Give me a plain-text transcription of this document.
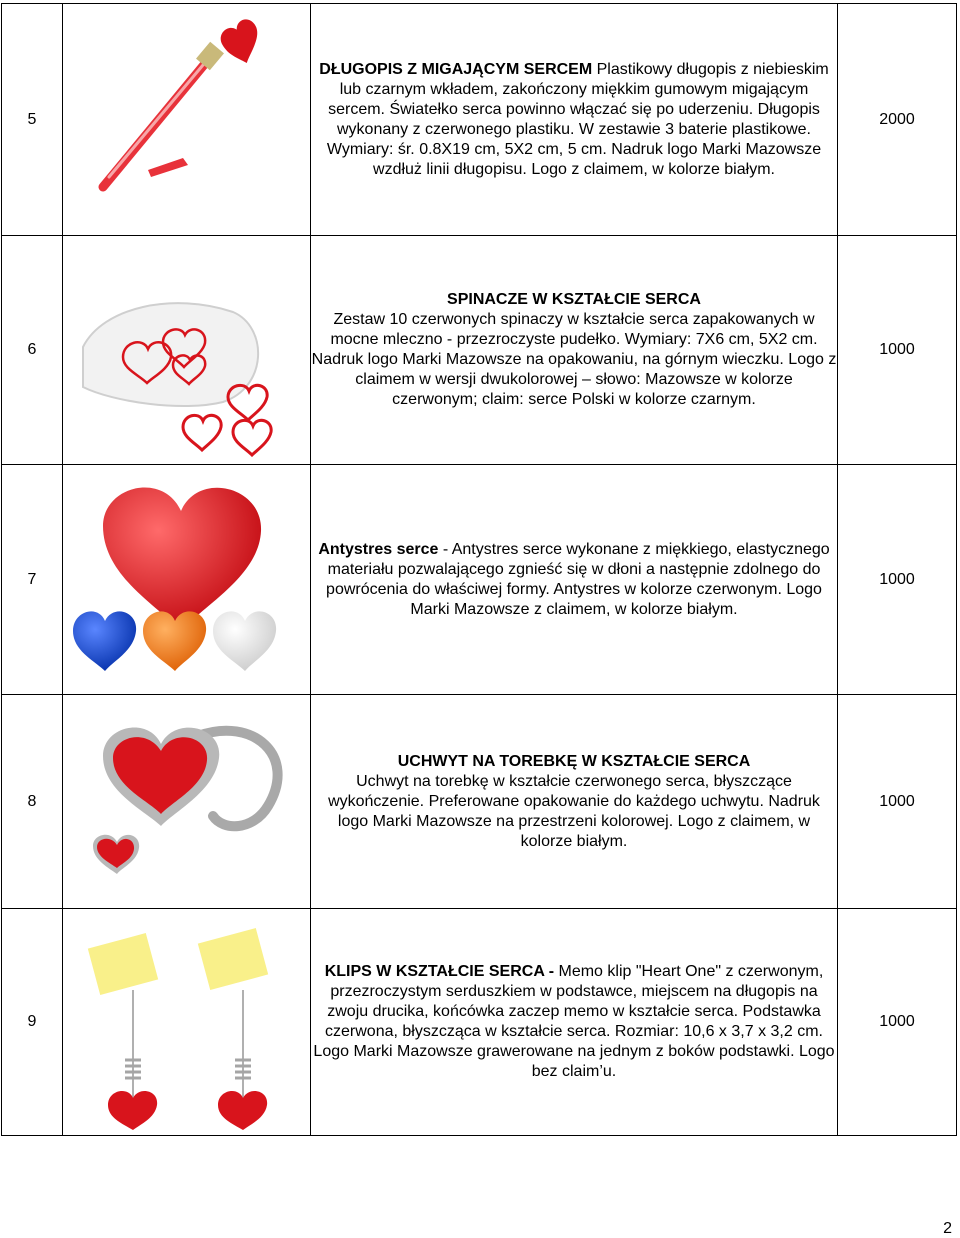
5		DŁUGOPIS Z MIGAJĄCYM SERCEM Plastikowy długopis z niebieskim lub czarnym wkładem, zakończony miękkim gumowym migającym sercem. Światełko serca powinno włączać się po uderzeniu. Długopis wykonany z czerwonego plastiku. W zestawie 3 baterie plastikowe. Wymiary: śr. 0.8X19 cm, 5X2 cm, 5 cm. Nadruk logo Marki Mazowsze wzdłuż linii długopisu. Logo z claimem, w kolorze białym.	2000
6		SPINACZE W KSZTAŁCIE SERCA
Zestaw 10 czerwonych spinaczy w kształcie serca zapakowanych w mocne mleczno - przezroczyste pudełko. Wymiary: 7X6 cm, 5X2 cm. Nadruk logo Marki Mazowsze na opakowaniu, na górnym wieczku. Logo z claimem w wersji dwukolorowej – słowo: Mazowsze w kolorze czerwonym; claim: serce Polski w kolorze czarnym.	1000
7		Antystres serce - Antystres serce wykonane z miękkiego, elastycznego materiału pozwalającego zgnieść się w dłoni a następnie zdolnego do powrócenia do właściwej formy. Antystres w kolorze czerwonym. Logo Marki Mazowsze z claimem, w kolorze białym.	1000
8		UCHWYT NA TOREBKĘ W KSZTAŁCIE SERCA
Uchwyt na torebkę w kształcie czerwonego serca, błyszczące wykończenie. Preferowane opakowanie do każdego uchwytu. Nadruk logo Marki Mazowsze na przestrzeni kolorowej. Logo z claimem, w kolorze białym.	1000
9		KLIPS W KSZTAŁCIE SERCA - Memo klip "Heart One" z czerwonym, przezroczystym serduszkiem w podstawce, miejscem na długopis na zwoju drucika, końcówka zaczep memo w kształcie serca. Podstawka czerwona, błyszcząca w kształcie serca. Rozmiar: 10,6 x 3,7 x 3,2 cm. Logo Marki Mazowsze grawerowane na jednym z boków podstawki. Logo bez claim’u.	1000
2
